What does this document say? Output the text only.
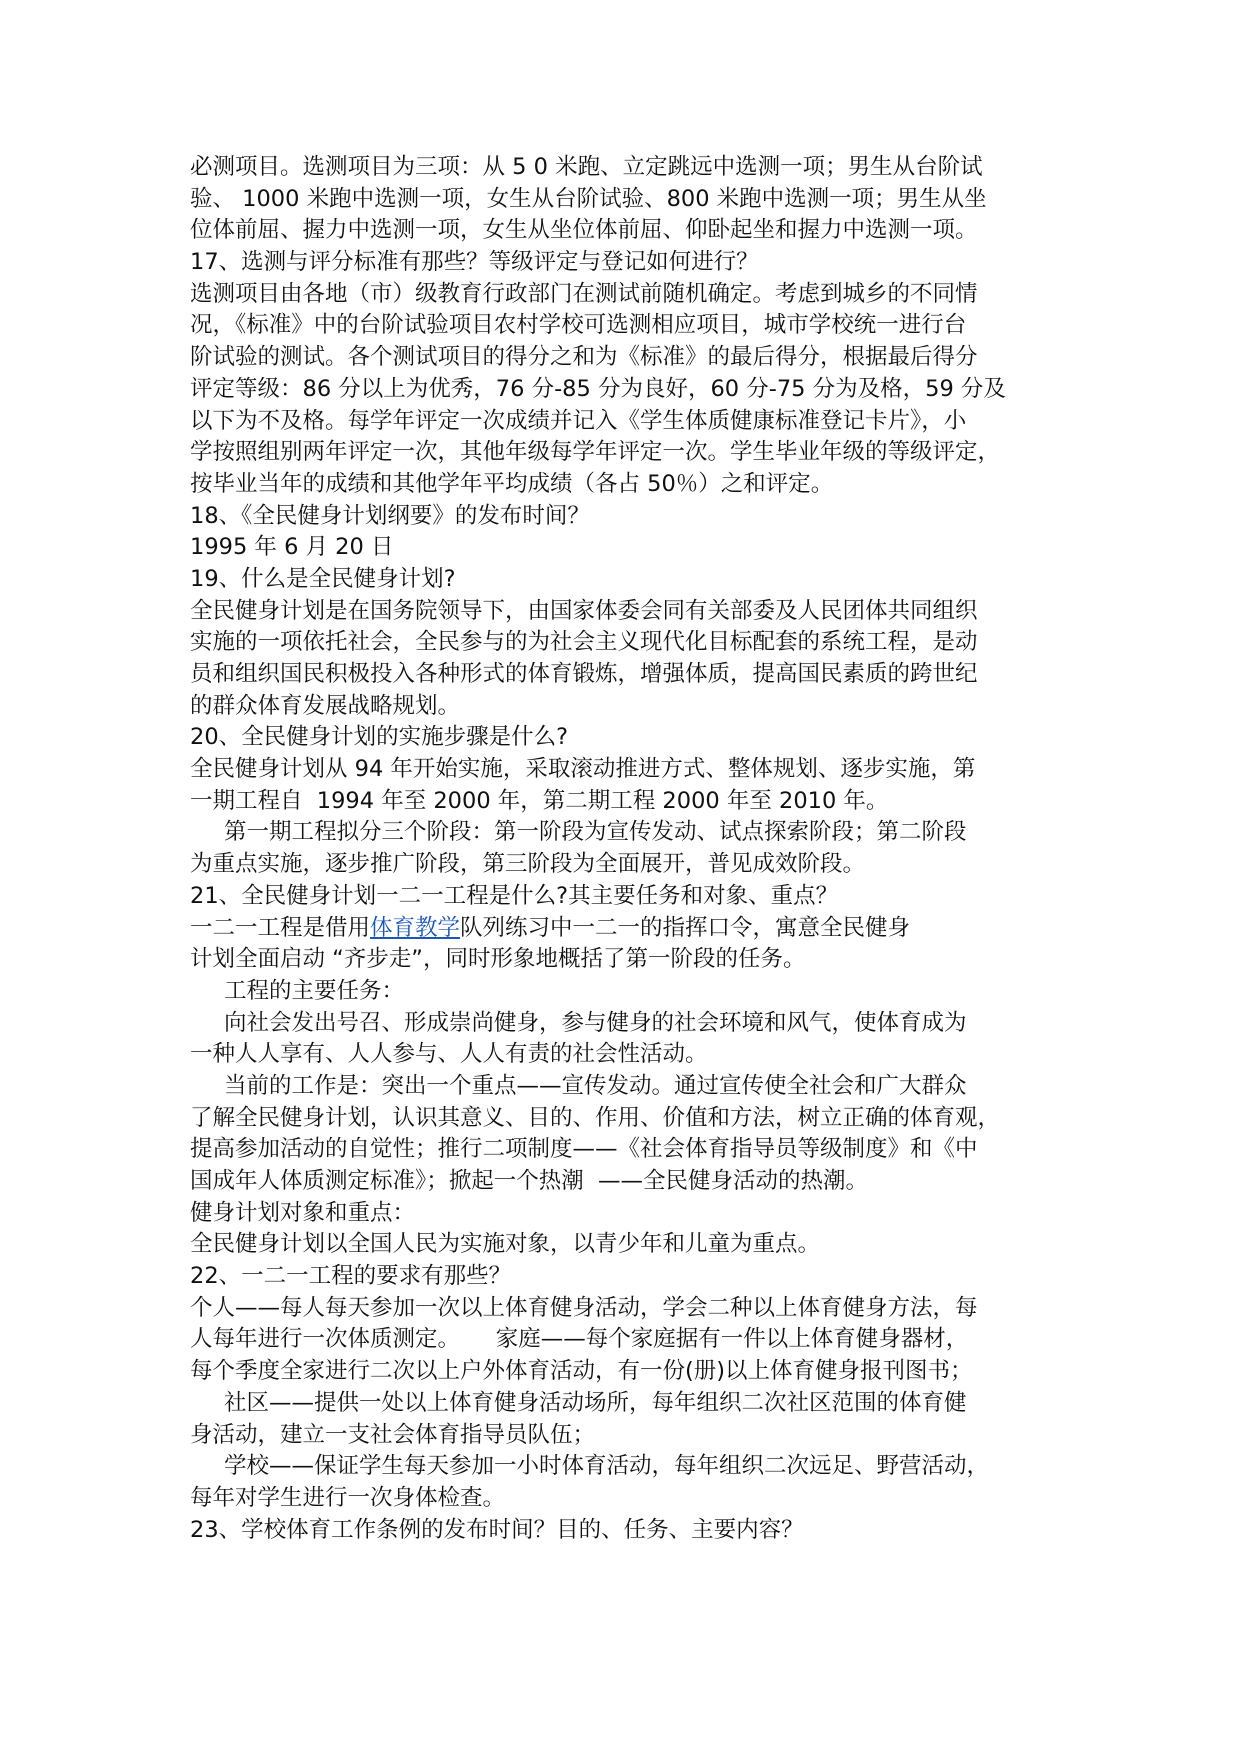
必测项目。选测项目为三项：从 5 0 米跑、立定跳远中选测一项；男生从台阶试
验、 1000 米跑中选测一项，女生从台阶试验、800 米跑中选测一项；男生从坐
位体前屈、握力中选测一项，女生从坐位体前屈、仰卧起坐和握力中选测一项。
17、选测与评分标准有那些？等级评定与登记如何进行？
选测项目由各地（市）级教育行政部门在测试前随机确定。考虑到城乡的不同情
况，《标准》中的台阶试验项目农村学校可选测相应项目，城市学校统一进行台
阶试验的测试。各个测试项目的得分之和为《标准》的最后得分，根据最后得分
评定等级：86 分以上为优秀，76 分-85 分为良好，60 分-75 分为及格，59 分及
以下为不及格。每学年评定一次成绩并记入《学生体质健康标准登记卡片》，小
学按照组别两年评定一次，其他年级每学年评定一次。学生毕业年级的等级评定，
按毕业当年的成绩和其他学年平均成绩（各占 50％）之和评定。
18、《全民健身计划纲要》的发布时间？
1995 年 6 月 20 日
19、什么是全民健身计划?
全民健身计划是在国务院领导下，由国家体委会同有关部委及人民团体共同组织
实施的一项依托社会，全民参与的为社会主义现代化目标配套的系统工程，是动
员和组织国民积极投入各种形式的体育锻炼，增强体质，提高国民素质的跨世纪
的群众体育发展战略规划。
20、全民健身计划的实施步骤是什么?
全民健身计划从 94 年开始实施，采取滚动推进方式、整体规划、逐步实施，第
一期工程自  1994 年至 2000 年，第二期工程 2000 年至 2010 年。
第一期工程拟分三个阶段：第一阶段为宣传发动、试点探索阶段；第二阶段
为重点实施，逐步推广阶段，第三阶段为全面展开，普见成效阶段。
21、全民健身计划一二一工程是什么?其主要任务和对象、重点？
一二一工程是借用体育教学队列练习中一二一的指挥口令，寓意全民健身
计划全面启动 “齐步走”，同时形象地概括了第一阶段的任务。
工程的主要任务：
向社会发出号召、形成崇尚健身，参与健身的社会环境和风气，使体育成为
一种人人享有、人人参与、人人有责的社会性活动。
当前的工作是：突出一个重点——宣传发动。通过宣传使全社会和广大群众
了解全民健身计划，认识其意义、目的、作用、价值和方法，树立正确的体育观，
提高参加活动的自觉性；推行二项制度——《社会体育指导员等级制度》和《中
国成年人体质测定标准》；掀起一个热潮  ——全民健身活动的热潮。
健身计划对象和重点：
全民健身计划以全国人民为实施对象，以青少年和儿童为重点。
22、一二一工程的要求有那些？
个人——每人每天参加一次以上体育健身活动，学会二种以上体育健身方法，每
人每年进行一次体质测定。     家庭——每个家庭据有一件以上体育健身器材，
每个季度全家进行二次以上户外体育活动，有一份(册)以上体育健身报刊图书；
社区——提供一处以上体育健身活动场所，每年组织二次社区范围的体育健
身活动，建立一支社会体育指导员队伍；
学校——保证学生每天参加一小时体育活动，每年组织二次远足、野营活动，
每年对学生进行一次身体检查。
23、学校体育工作条例的发布时间？目的、任务、主要内容？
